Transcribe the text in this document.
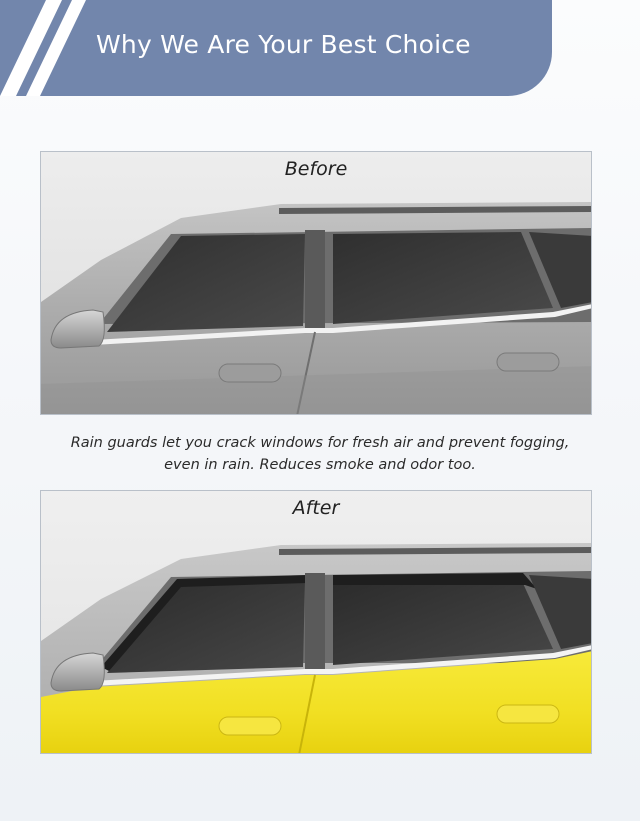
Why We Are Your Best Choice
Before
Rain guards let you crack windows for fresh air and prevent fogging,
even in rain. Reduces smoke and odor too.
After
